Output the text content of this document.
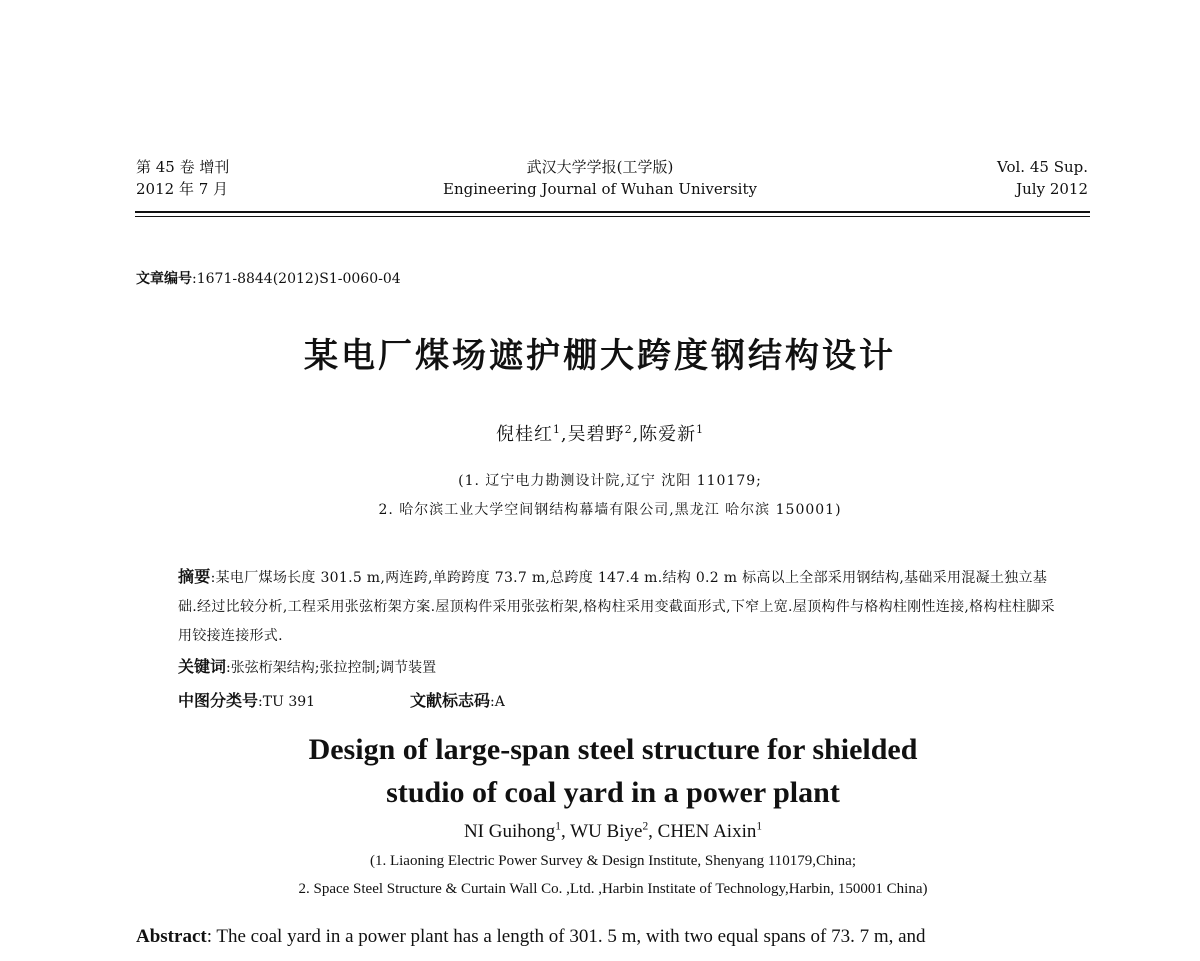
第 45 卷 增刊
2012 年 7 月
武汉大学学报(工学版)
Engineering Journal of Wuhan University
Vol. 45 Sup.
July 2012
文章编号:1671-8844(2012)S1-0060-04
某电厂煤场遮护棚大跨度钢结构设计
倪桂红$^1$,吴碧野$^2$,陈爱新$^1$
(1. 辽宁电力勘测设计院,辽宁 沈阳 110179;
2. 哈尔滨工业大学空间钢结构幕墙有限公司,黑龙江 哈尔滨 150001)
摘要:某电厂煤场长度 301.5 m,两连跨,单跨跨度 73.7 m,总跨度 147.4 m.结构 0.2 m 标高以上全部采用钢结构,基础采用混凝土独立基础.经过比较分析,工程采用张弦桁架方案.屋顶构件采用张弦桁架,格构柱采用变截面形式,下窄上宽.屋顶构件与格构柱刚性连接,格构柱柱脚采用铰接连接形式.
关键词:张弦桁架结构;张拉控制;调节装置
中图分类号:TU 391	文献标志码:A
Design of large-span steel structure for shielded
studio of coal yard in a power plant
NI Guihong$^1$, WU Biye$^2$, CHEN Aixin$^1$
(1. Liaoning Electric Power Survey & Design Institute, Shenyang 110179,China;
2. Space Steel Structure & Curtain Wall Co. ,Ltd. ,Harbin Institate of Technology,Harbin, 150001 China)
Abstract: The coal yard in a power plant has a length of 301. 5 m, with two equal spans of 73. 7 m, and
